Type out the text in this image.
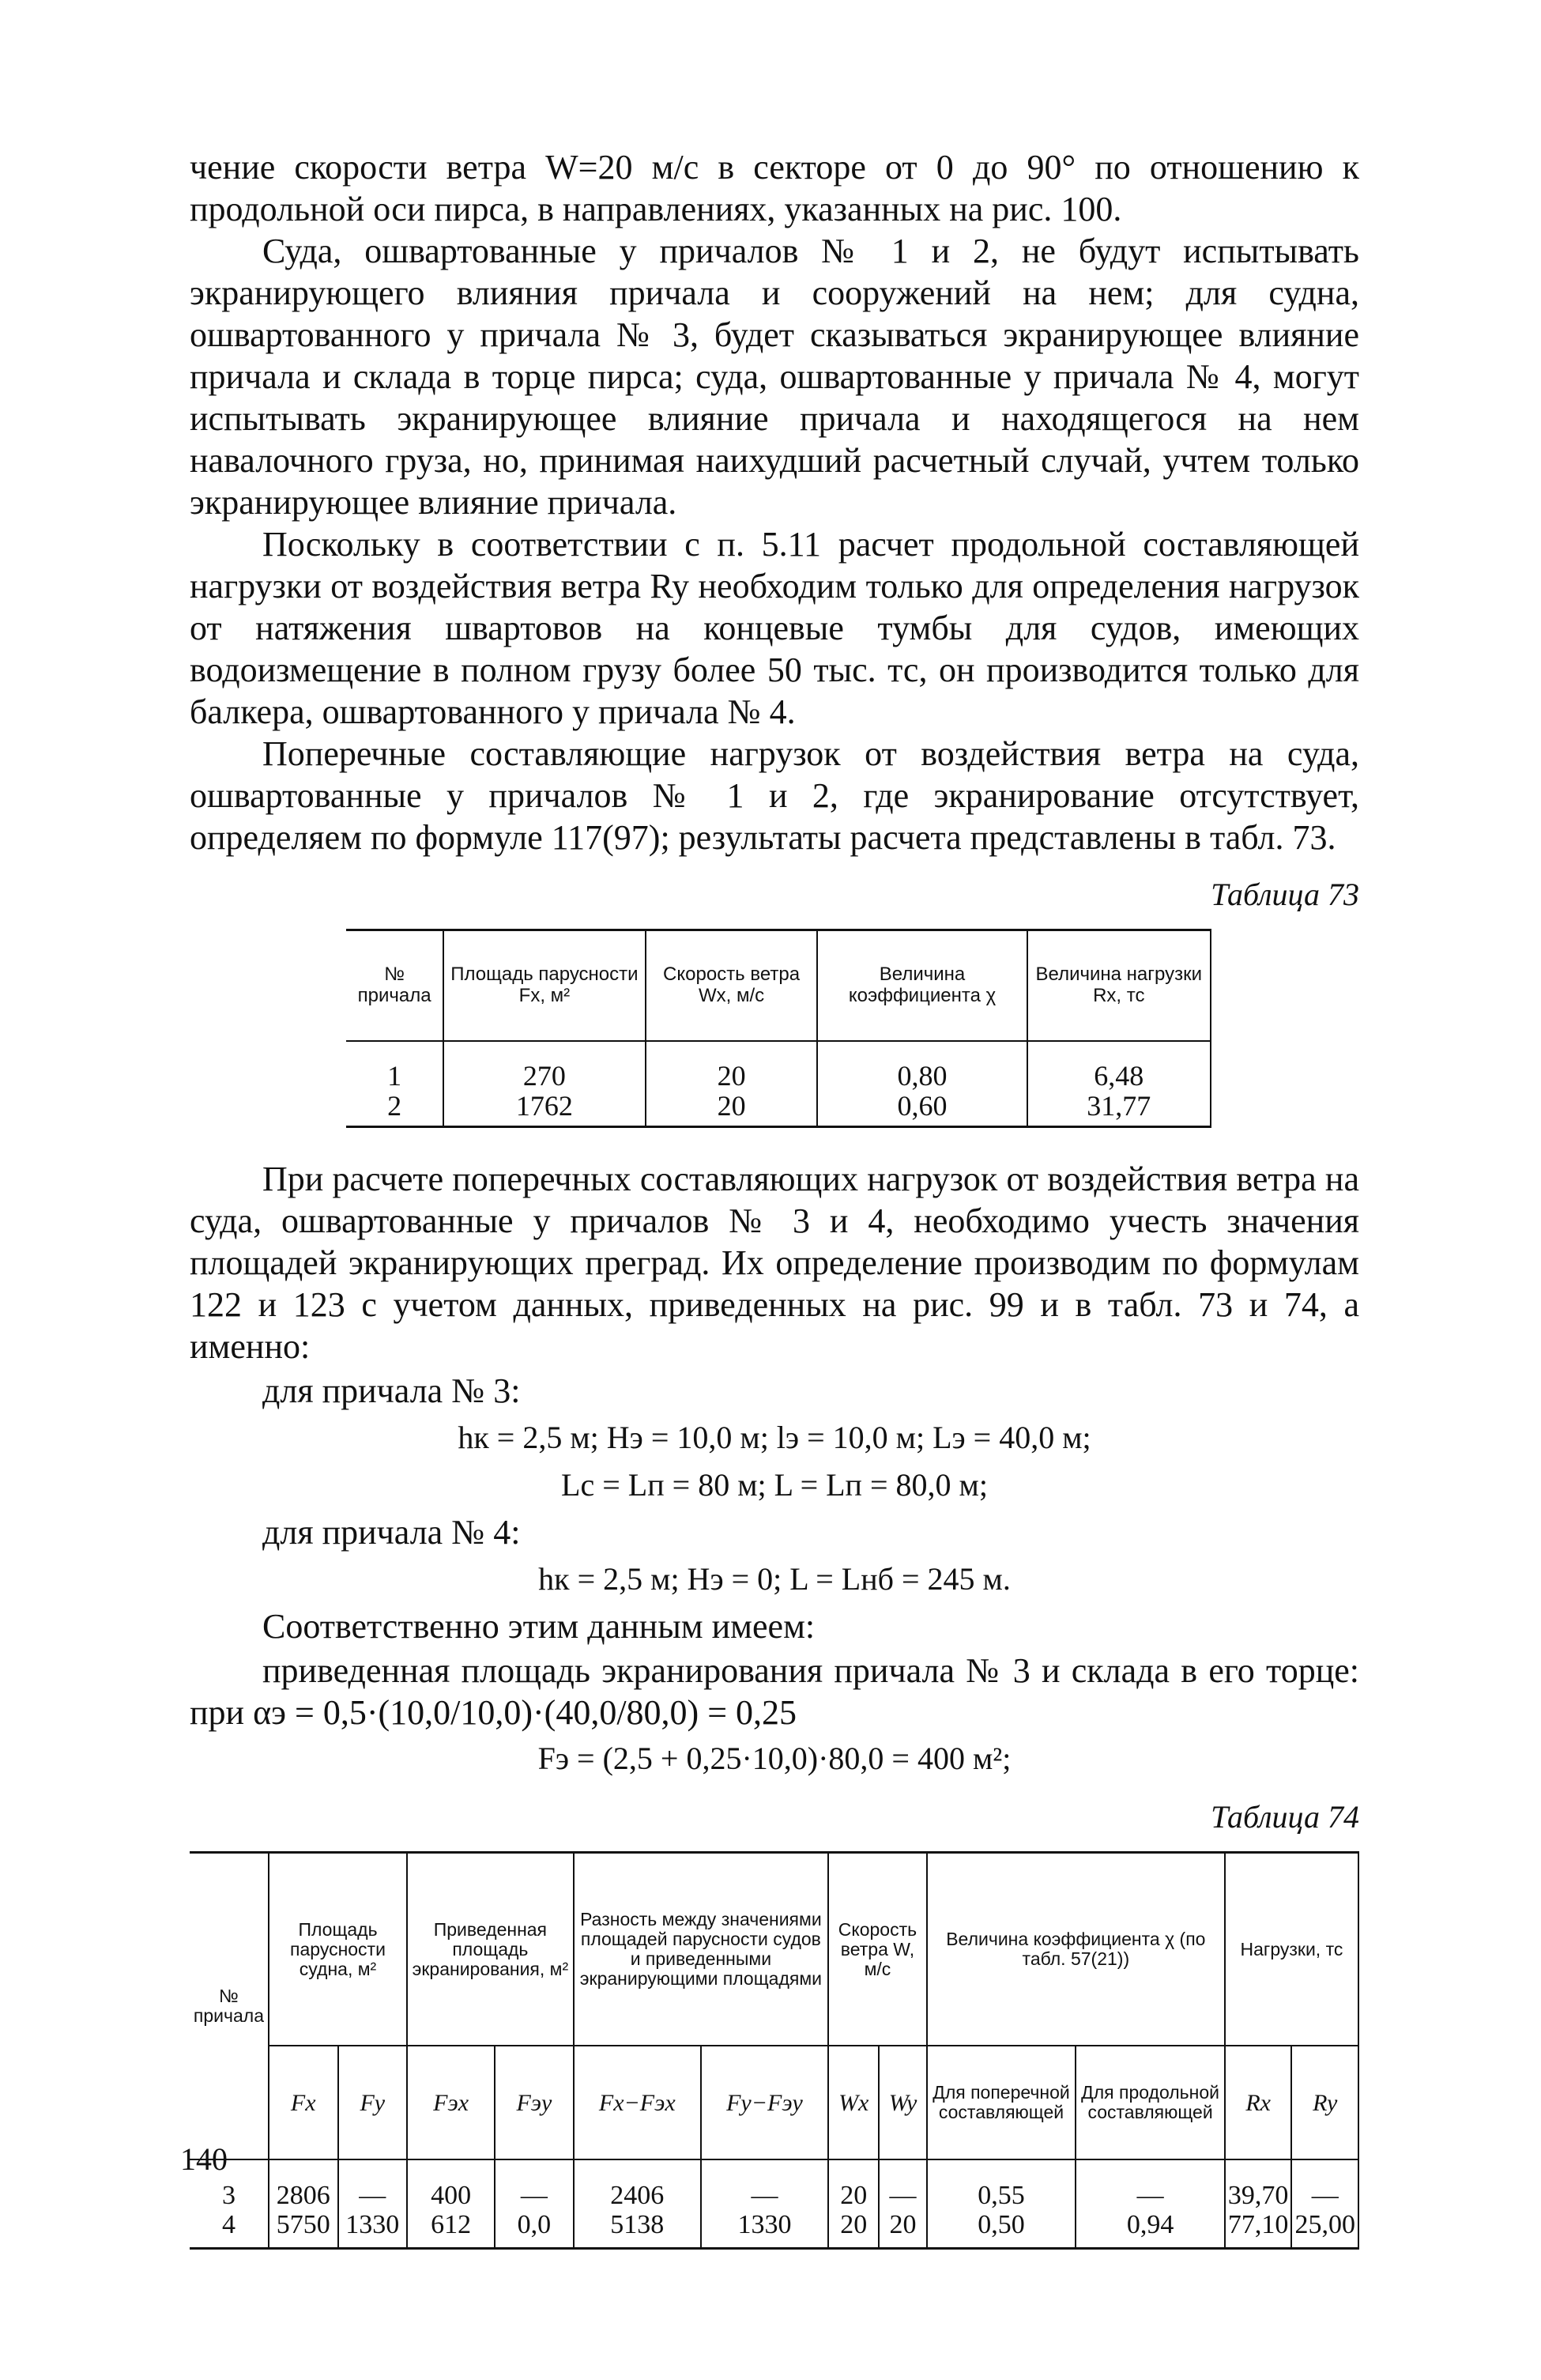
чение скорости ветра W=20 м/с в секторе от 0 до 90° по отношению к продольной оси пирса, в направлениях, указанных на рис. 100.

Суда, ошвартованные у причалов № 1 и 2, не будут испытывать экранирующего влияния причала и сооружений на нем; для судна, ошвартованного у причала № 3, будет сказываться экранирующее влияние причала и склада в торце пирса; суда, ошвартованные у причала № 4, могут испытывать экранирующее влияние причала и находящегося на нем навалочного груза, но, принимая наихудший расчетный случай, учтем только экранирующее влияние причала.

Поскольку в соответствии с п. 5.11 расчет продольной составляющей нагрузки от воздействия ветра Ry необходим только для определения нагрузок от натяжения швартовов на концевые тумбы для судов, имеющих водоизмещение в полном грузу более 50 тыс. тс, он производится только для балкера, ошвартованного у причала № 4.

Поперечные составляющие нагрузок от воздействия ветра на суда, ошвартованные у причалов № 1 и 2, где экранирование отсутствует, определяем по формуле 117(97); результаты расчета представлены в табл. 73.

Таблица 73
№ причала	Площадь парусности Fx, м²	Скорость ветра Wx, м/с	Величина коэффициента χ	Величина нагрузки Rx, тс
1	270	20	0,80	6,48
2	1762	20	0,60	31,77

При расчете поперечных составляющих нагрузок от воздействия ветра на суда, ошвартованные у причалов № 3 и 4, необходимо учесть значения площадей экранирующих преград. Их определение производим по формулам 122 и 123 с учетом данных, приведенных на рис. 99 и в табл. 73 и 74, а именно:

для причала № 3:
hк = 2,5 м; Hэ = 10,0 м; lэ = 10,0 м; Lэ = 40,0 м;
Lс = Lп = 80 м; L = Lп = 80,0 м;
для причала № 4:
hк = 2,5 м; Hэ = 0; L = Lнб = 245 м.
Соответственно этим данным имеем:

приведенная площадь экранирования причала № 3 и склада в его торце: при αэ = 0,5·(10,0/10,0)·(40,0/80,0) = 0,25

Fэ = (2,5 + 0,25·10,0)·80,0 = 400 м²;
Таблица 74
№ причала	Площадь парусности судна, м²		Приведенная площадь экранирования, м²		Разность между значениями площадей парусности судов и приведенными экранирующими площадями		Скорость ветра W, м/с		Величина коэффициента χ (по табл. 57(21))		Нагрузки, тс	
	Fx	Fy	Fэx	Fэy	Fx−Fэx	Fy−Fэy	Wx	Wy	Для поперечной составляющей	Для продольной составляющей	Rx	Ry
3	2806	—	400	—	2406	—	20	—	0,55	—	39,70	—
4	5750	1330	612	0,0	5138	1330	20	20	0,50	0,94	77,10	25,00
140
